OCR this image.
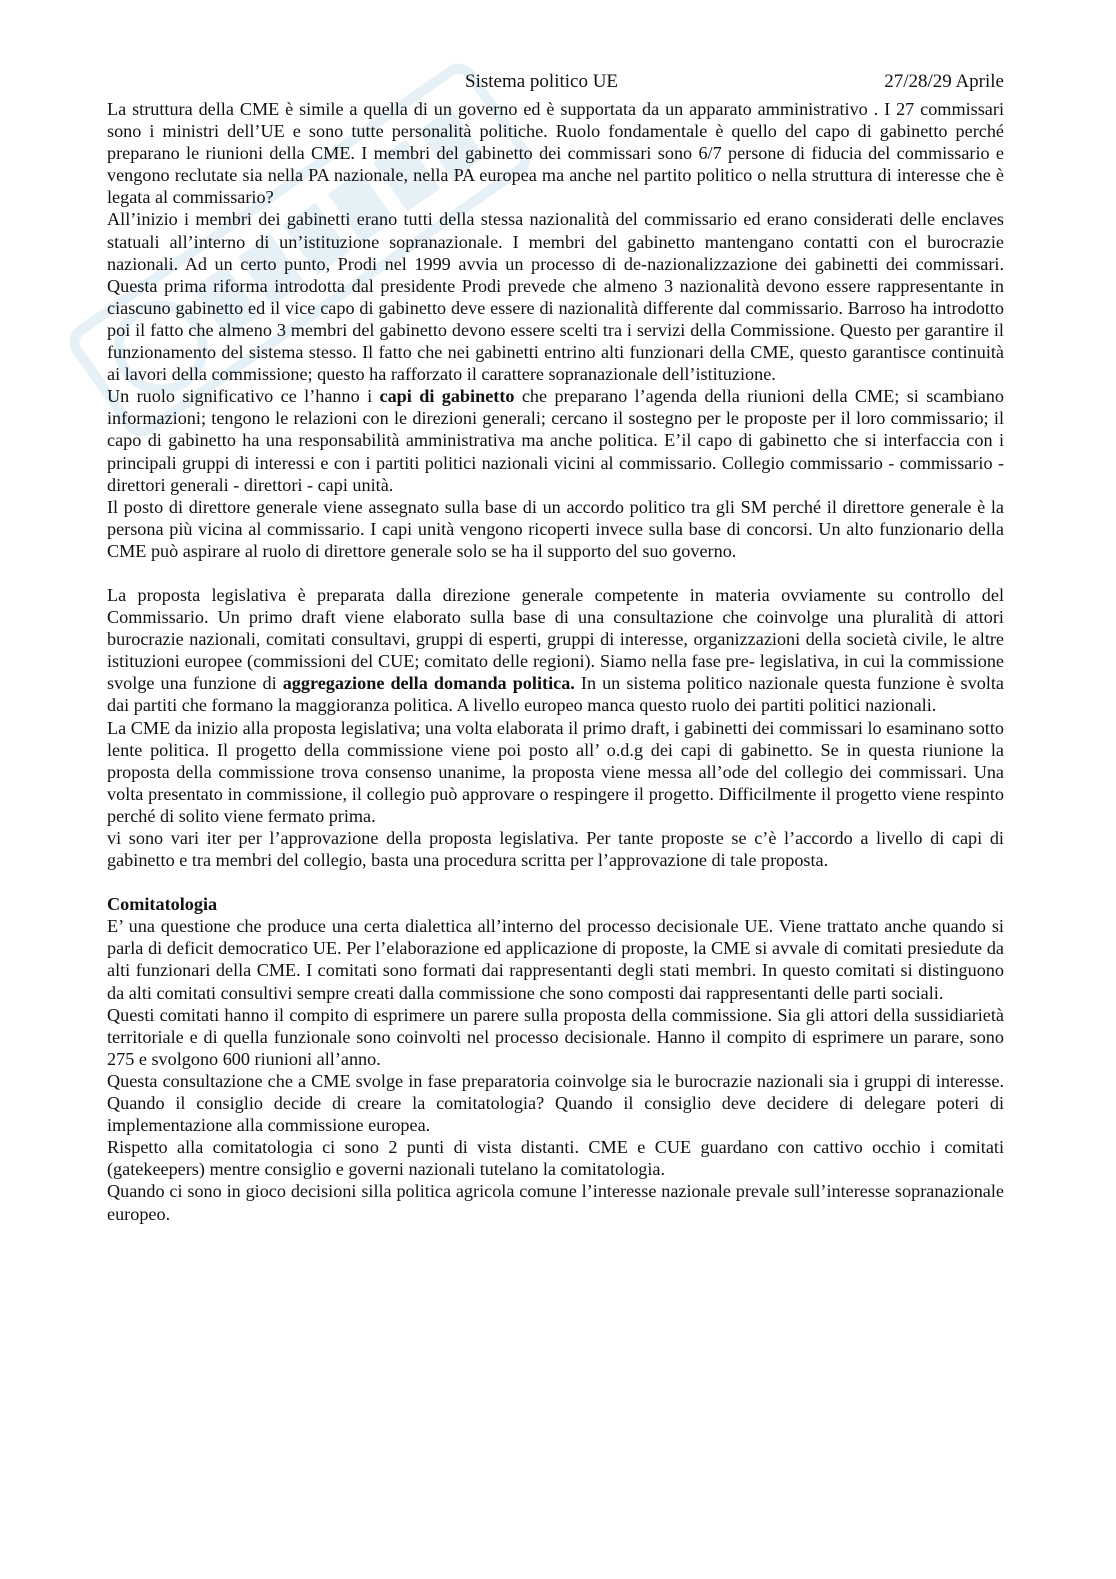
Sistema politico UE	27/28/29 Aprile

La struttura della CME è simile a quella di un governo ed è supportata da un apparato amministrativo . I 27 commissari sono i ministri dell’UE e sono tutte personalità politiche. Ruolo fondamentale è quello del capo di gabinetto perché preparano le riunioni della CME. I membri del gabinetto dei commissari sono 6/7 persone di fiducia del commissario e vengono reclutate sia nella PA nazionale, nella PA europea ma anche nel partito politico o nella struttura di interesse che è legata al commissario?

All’inizio i membri dei gabinetti erano tutti della stessa nazionalità del commissario ed erano considerati delle enclaves statuali all’interno di un’istituzione sopranazionale. I membri del gabinetto mantengano contatti con el burocrazie nazionali. Ad un certo punto, Prodi nel 1999 avvia un processo di de-nazionalizzazione dei gabinetti dei commissari. Questa prima riforma introdotta dal presidente Prodi prevede che almeno 3 nazionalità devono essere rappresentante in ciascuno gabinetto ed il vice capo di gabinetto deve essere di nazionalità differente dal commissario. Barroso ha introdotto poi il fatto che almeno 3 membri del gabinetto devono essere scelti tra i servizi della Commissione. Questo per garantire il funzionamento del sistema stesso. Il fatto che nei gabinetti entrino alti funzionari della CME, questo garantisce continuità ai lavori della commissione; questo ha rafforzato il carattere sopranazionale dell’istituzione.

Un ruolo significativo ce l’hanno i capi di gabinetto che preparano l’agenda della riunioni della CME; si scambiano informazioni; tengono le relazioni con le direzioni generali; cercano il sostegno per le proposte per il loro commissario; il capo di gabinetto ha una responsabilità amministrativa ma anche politica. E’il capo di gabinetto che si interfaccia con i principali gruppi di interessi e con i partiti politici nazionali vicini al commissario. Collegio commissario - commissario - direttori generali - direttori - capi unità.

Il posto di direttore generale viene assegnato sulla base di un accordo politico tra gli SM perché il direttore generale è la persona più vicina al commissario. I capi unità vengono ricoperti invece sulla base di concorsi. Un alto funzionario della CME può aspirare al ruolo di direttore generale solo se ha il supporto del suo governo.

La proposta legislativa è preparata dalla direzione generale competente in materia ovviamente su controllo del Commissario. Un primo draft viene elaborato sulla base di una consultazione che coinvolge una pluralità di attori burocrazie nazionali, comitati consultavi, gruppi di esperti, gruppi di interesse, organizzazioni della società civile, le altre istituzioni europee (commissioni del CUE; comitato delle regioni). Siamo nella fase pre- legislativa, in cui la commissione svolge una funzione di aggregazione della domanda politica. In un sistema politico nazionale questa funzione è svolta dai partiti che formano la maggioranza politica. A livello europeo manca questo ruolo dei partiti politici nazionali.

La CME da inizio alla proposta legislativa; una volta elaborata il primo draft, i gabinetti dei commissari lo esaminano sotto lente politica. Il progetto della commissione viene poi posto all’ o.d.g dei capi di gabinetto. Se in questa riunione la proposta della commissione trova consenso unanime, la proposta viene messa all’ode del collegio dei commissari. Una volta presentato in commissione, il collegio può approvare o respingere il progetto. Difficilmente il progetto viene respinto perché di solito viene fermato prima.

vi sono vari iter per l’approvazione della proposta legislativa. Per tante proposte se c’è l’accordo a livello di capi di gabinetto e tra membri del collegio, basta una procedura scritta per l’approvazione di tale proposta.

Comitatologia

E’ una questione che produce una certa dialettica all’interno del processo decisionale UE. Viene trattato anche quando si parla di deficit democratico UE. Per l’elaborazione ed applicazione di proposte, la CME si avvale di comitati presiedute da alti funzionari della CME. I comitati sono formati dai rappresentanti degli stati membri. In questo comitati si distinguono da alti comitati consultivi sempre creati dalla commissione che sono composti dai rappresentanti delle parti sociali.

Questi comitati hanno il compito di esprimere un parere sulla proposta della commissione. Sia gli attori della sussidiarietà territoriale e di quella funzionale sono coinvolti nel processo decisionale. Hanno il compito di esprimere un parare, sono 275 e svolgono 600 riunioni all’anno.

Questa consultazione che a CME svolge in fase preparatoria coinvolge sia le burocrazie nazionali sia i gruppi di interesse. Quando il consiglio decide di creare la comitatologia? Quando il consiglio deve decidere di delegare poteri di implementazione alla commissione europea.

Rispetto alla comitatologia ci sono 2 punti di vista distanti. CME e CUE guardano con cattivo occhio i comitati (gatekeepers) mentre consiglio e governi nazionali tutelano la comitatologia.

Quando ci sono in gioco decisioni silla politica agricola comune l’interesse nazionale prevale sull’interesse sopranazionale europeo.
